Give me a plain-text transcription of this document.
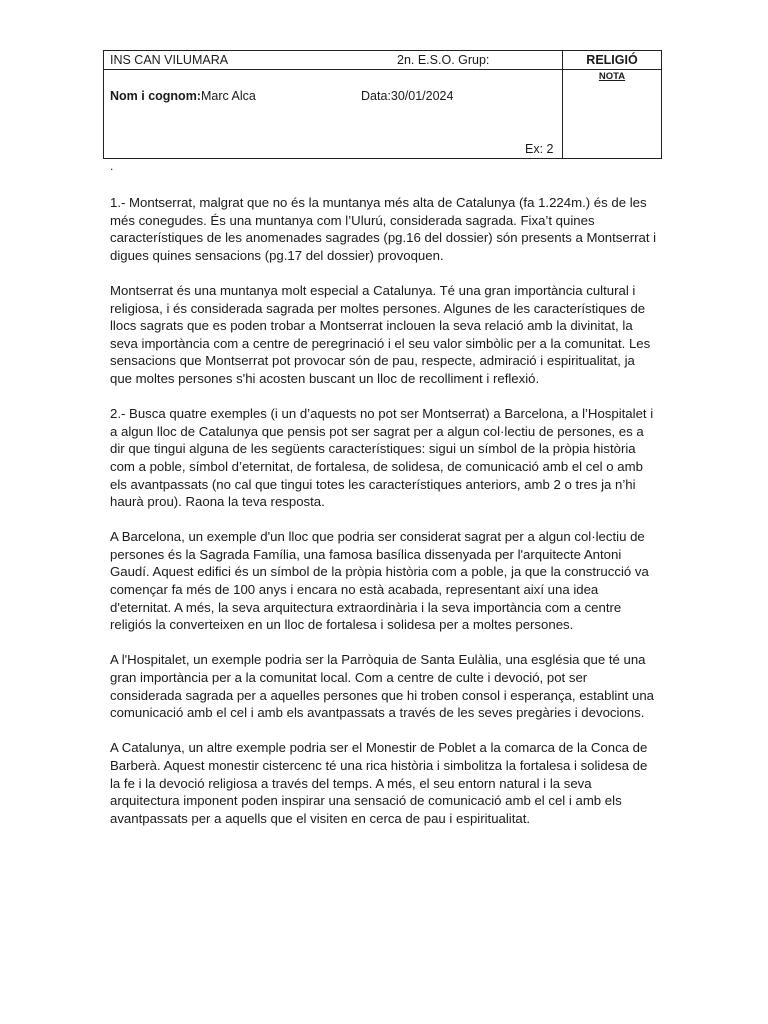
INS CAN VILUMARA	2n. E.S.O. Grup:	RELIGIÓ
NOTA
Nom i cognom:Marc Alca	Data:30/01/2024
Ex: 2
.

1.- Montserrat, malgrat que no és la muntanya més alta de Catalunya (fa 1.224m.) és de les més conegudes. És una muntanya com l’Ulurú, considerada sagrada. Fixa’t quines característiques de les anomenades sagrades (pg.16 del dossier) són presents a Montserrat i digues quines sensacions (pg.17 del dossier) provoquen.

Montserrat és una muntanya molt especial a Catalunya. Té una gran importància cultural i religiosa, i és considerada sagrada per moltes persones. Algunes de les característiques de llocs sagrats que es poden trobar a Montserrat inclouen la seva relació amb la divinitat, la seva importància com a centre de peregrinació i el seu valor simbòlic per a la comunitat. Les sensacions que Montserrat pot provocar són de pau, respecte, admiració i espiritualitat, ja que moltes persones s'hi acosten buscant un lloc de recolliment i reflexió.

2.- Busca quatre exemples (i un d’aquests no pot ser Montserrat) a Barcelona, a l’Hospitalet i a algun lloc de Catalunya que pensis pot ser sagrat per a algun col·lectiu de persones, es a dir que tingui alguna de les següents característiques: sigui un símbol de la pròpia història com a poble, símbol d’eternitat, de fortalesa, de solidesa, de comunicació amb el cel o amb els avantpassats (no cal que tingui totes les característiques anteriors, amb 2 o tres ja n’hi haurà prou). Raona la teva resposta.

A Barcelona, un exemple d'un lloc que podria ser considerat sagrat per a algun col·lectiu de persones és la Sagrada Família, una famosa basílica dissenyada per l'arquitecte Antoni Gaudí. Aquest edifici és un símbol de la pròpia història com a poble, ja que la construcció va començar fa més de 100 anys i encara no està acabada, representant així una idea d'eternitat. A més, la seva arquitectura extraordinària i la seva importància com a centre religiós la converteixen en un lloc de fortalesa i solidesa per a moltes persones.

A l'Hospitalet, un exemple podria ser la Parròquia de Santa Eulàlia, una església que té una gran importància per a la comunitat local. Com a centre de culte i devoció, pot ser considerada sagrada per a aquelles persones que hi troben consol i esperança, establint una comunicació amb el cel i amb els avantpassats a través de les seves pregàries i devocions.

A Catalunya, un altre exemple podria ser el Monestir de Poblet a la comarca de la Conca de Barberà. Aquest monestir cistercenc té una rica història i simbolitza la fortalesa i solidesa de la fe i la devoció religiosa a través del temps. A més, el seu entorn natural i la seva arquitectura imponent poden inspirar una sensació de comunicació amb el cel i amb els avantpassats per a aquells que el visiten en cerca de pau i espiritualitat.
